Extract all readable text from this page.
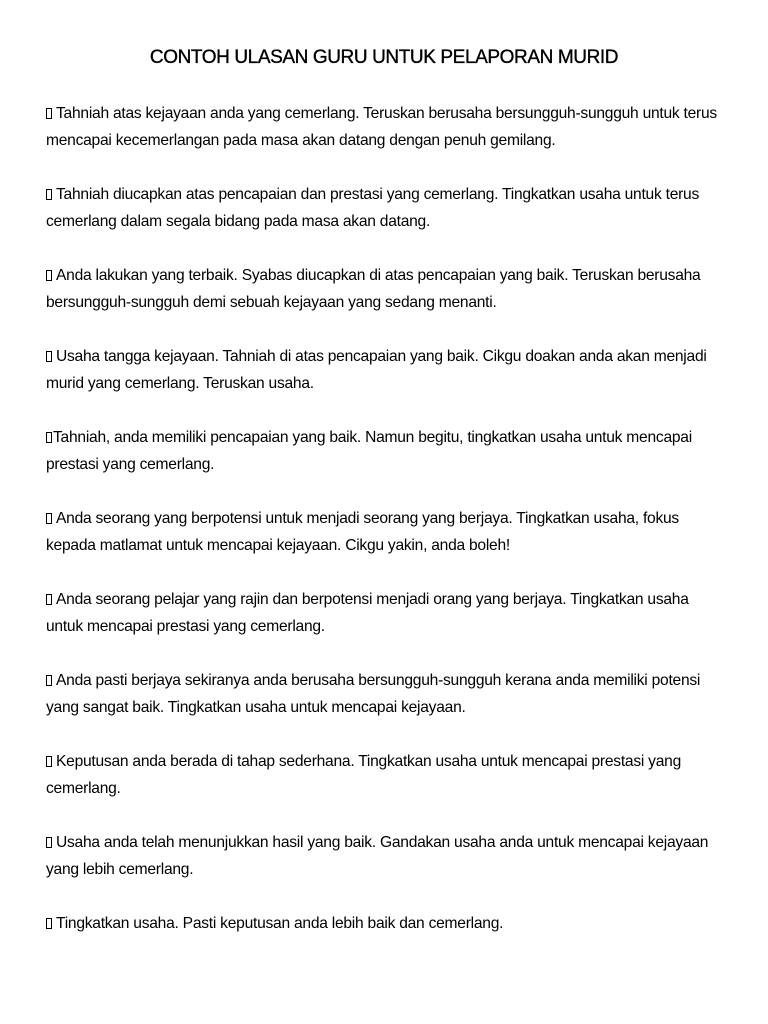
CONTOH ULASAN GURU UNTUK PELAPORAN MURID
Tahniah atas kejayaan anda yang cemerlang. Teruskan berusaha bersungguh-sungguh untuk terus mencapai kecemerlangan pada masa akan datang dengan penuh gemilang.
Tahniah diucapkan atas pencapaian dan prestasi yang cemerlang. Tingkatkan usaha untuk terus cemerlang dalam segala bidang pada masa akan datang.
Anda lakukan yang terbaik. Syabas diucapkan di atas pencapaian yang baik. Teruskan berusaha bersungguh-sungguh demi sebuah kejayaan yang sedang menanti.
Usaha tangga kejayaan. Tahniah di atas pencapaian yang baik. Cikgu doakan anda akan menjadi murid yang cemerlang. Teruskan usaha.
Tahniah, anda memiliki pencapaian yang baik. Namun begitu, tingkatkan usaha untuk mencapai prestasi yang cemerlang.
Anda seorang yang berpotensi untuk menjadi seorang yang berjaya. Tingkatkan usaha, fokus kepada matlamat untuk mencapai kejayaan. Cikgu yakin, anda boleh!
Anda seorang pelajar yang rajin dan berpotensi menjadi orang yang berjaya. Tingkatkan usaha untuk mencapai prestasi yang cemerlang.
Anda pasti berjaya sekiranya anda berusaha bersungguh-sungguh kerana anda memiliki potensi yang sangat baik. Tingkatkan usaha untuk mencapai kejayaan.
Keputusan anda berada di tahap sederhana. Tingkatkan usaha untuk mencapai prestasi yang cemerlang.
Usaha anda telah menunjukkan hasil yang baik. Gandakan usaha anda untuk mencapai kejayaan yang lebih cemerlang.
Tingkatkan usaha. Pasti keputusan anda lebih baik dan cemerlang.
